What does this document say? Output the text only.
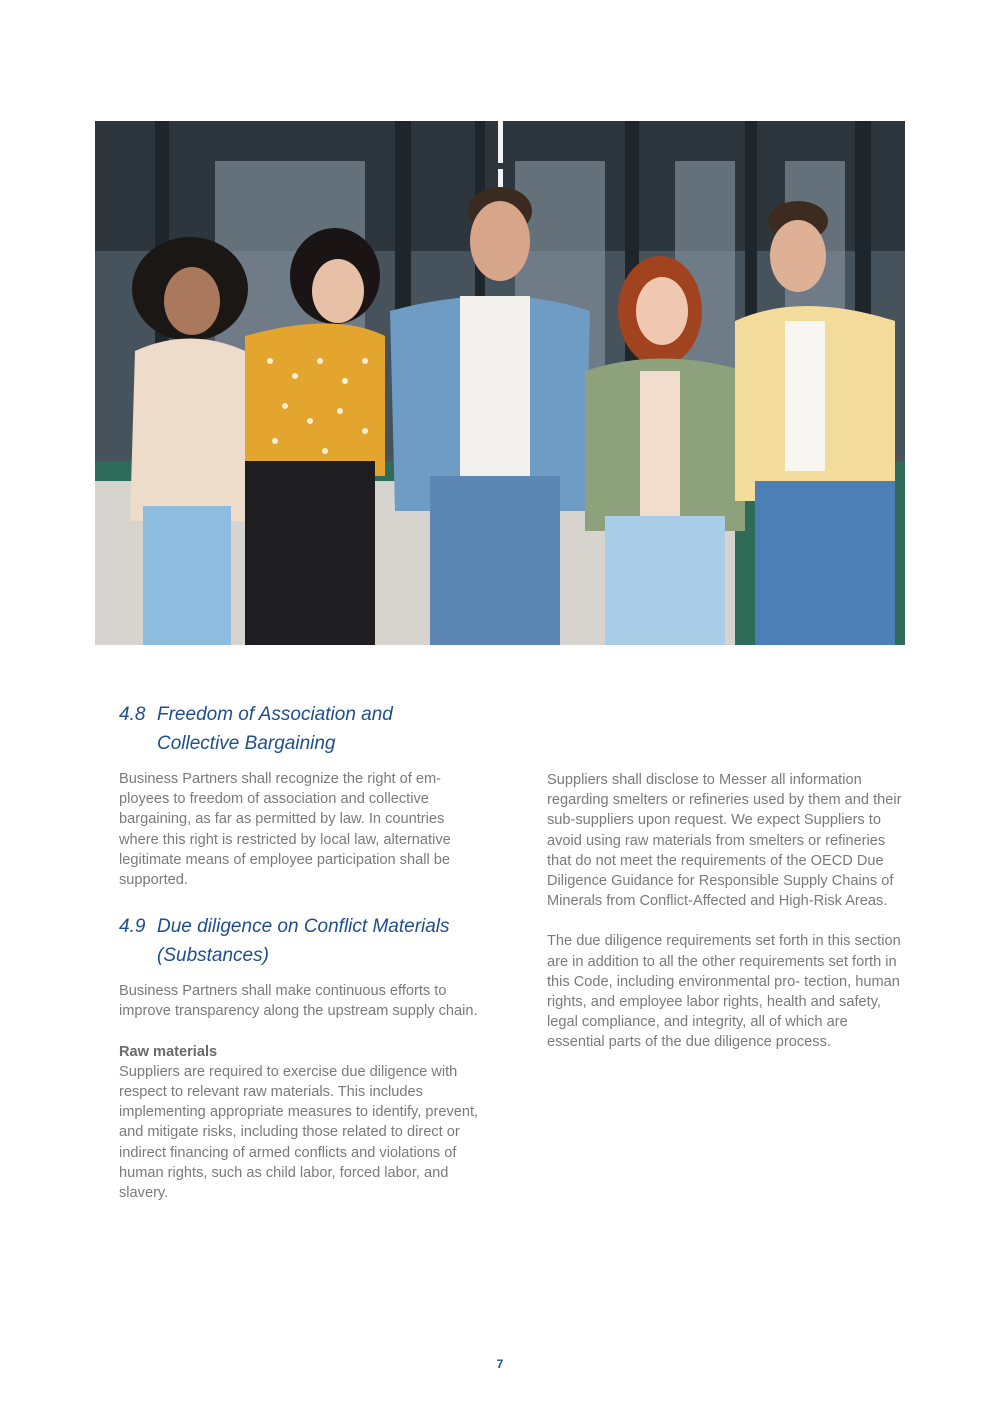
4.8 Freedom of Association and Collective Bargaining

Business Partners shall recognize the right of em- ployees to freedom of association and collective bargaining, as far as permitted by law. In countries where this right is restricted by local law, alternative legitimate means of employee participation shall be supported.

4.9 Due diligence on Conflict Materials (Substances)

Business Partners shall make continuous efforts to improve transparency along the upstream supply chain.

Raw materials

Suppliers are required to exercise due diligence with respect to relevant raw materials. This includes implementing appropriate measures to identify, prevent, and mitigate risks, including those related to direct or indirect financing of armed conflicts and violations of human rights, such as child labor, forced labor, and slavery.

Suppliers shall disclose to Messer all information regarding smelters or refineries used by them and their sub-suppliers upon request. We expect Suppliers to avoid using raw materials from smelters or refineries that do not meet the requirements of the OECD Due Diligence Guidance for Responsible Supply Chains of Minerals from Conflict-Affected and High-Risk Areas.

The due diligence requirements set forth in this section are in addition to all the other requirements set forth in this Code, including environmental pro- tection, human rights, and employee labor rights, health and safety, legal compliance, and integrity, all of which are essential parts of the due diligence process.

7
